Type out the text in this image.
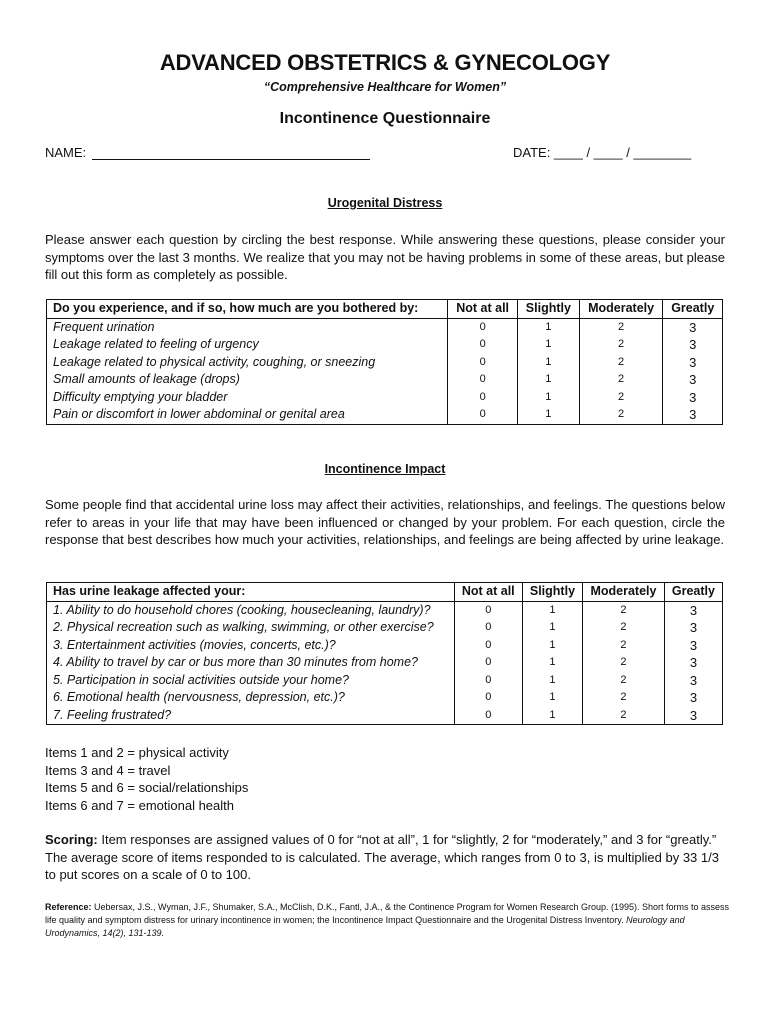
ADVANCED OBSTETRICS & GYNECOLOGY
“Comprehensive Healthcare for Women”
Incontinence Questionnaire
NAME:	DATE: ____ / ____ / ________
Urogenital Distress
Please answer each question by circling the best response. While answering these questions, please consider your symptoms over the last 3 months. We realize that you may not be having problems in some of these areas, but please fill out this form as completely as possible.
Do you experience, and if so, how much are you bothered by:	Not at all	Slightly	Moderately	Greatly
Frequent urination	0	1	2	3
Leakage related to feeling of urgency	0	1	2	3
Leakage related to physical activity, coughing, or sneezing	0	1	2	3
Small amounts of leakage (drops)	0	1	2	3
Difficulty emptying your bladder	0	1	2	3
Pain or discomfort in lower abdominal or genital area	0	1	2	3
Incontinence Impact
Some people find that accidental urine loss may affect their activities, relationships, and feelings. The questions below refer to areas in your life that may have been influenced or changed by your problem. For each question, circle the response that best describes how much your activities, relationships, and feelings are being affected by urine leakage.
Has urine leakage affected your:	Not at all	Slightly	Moderately	Greatly
1. Ability to do household chores (cooking, housecleaning, laundry)?	0	1	2	3
2. Physical recreation such as walking, swimming, or other exercise?	0	1	2	3
3. Entertainment activities (movies, concerts, etc.)?	0	1	2	3
4. Ability to travel by car or bus more than 30 minutes from home?	0	1	2	3
5. Participation in social activities outside your home?	0	1	2	3
6. Emotional health (nervousness, depression, etc.)?	0	1	2	3
7. Feeling frustrated?	0	1	2	3
Items 1 and 2 = physical activity
Items 3 and 4 = travel
Items 5 and 6 = social/relationships
Items 6 and 7 = emotional health
Scoring: Item responses are assigned values of 0 for “not at all”, 1 for “slightly, 2 for “moderately,” and 3 for “greatly.” The average score of items responded to is calculated. The average, which ranges from 0 to 3, is multiplied by 33 1/3 to put scores on a scale of 0 to 100.
Reference: Uebersax, J.S., Wyman, J.F., Shumaker, S.A., McClish, D.K., Fantl, J.A., & the Continence Program for Women Research Group. (1995). Short forms to assess life quality and symptom distress for urinary incontinence in women; the Incontinence Impact Questionnaire and the Urogenital Distress Inventory. Neurology and Urodynamics, 14(2), 131-139.
